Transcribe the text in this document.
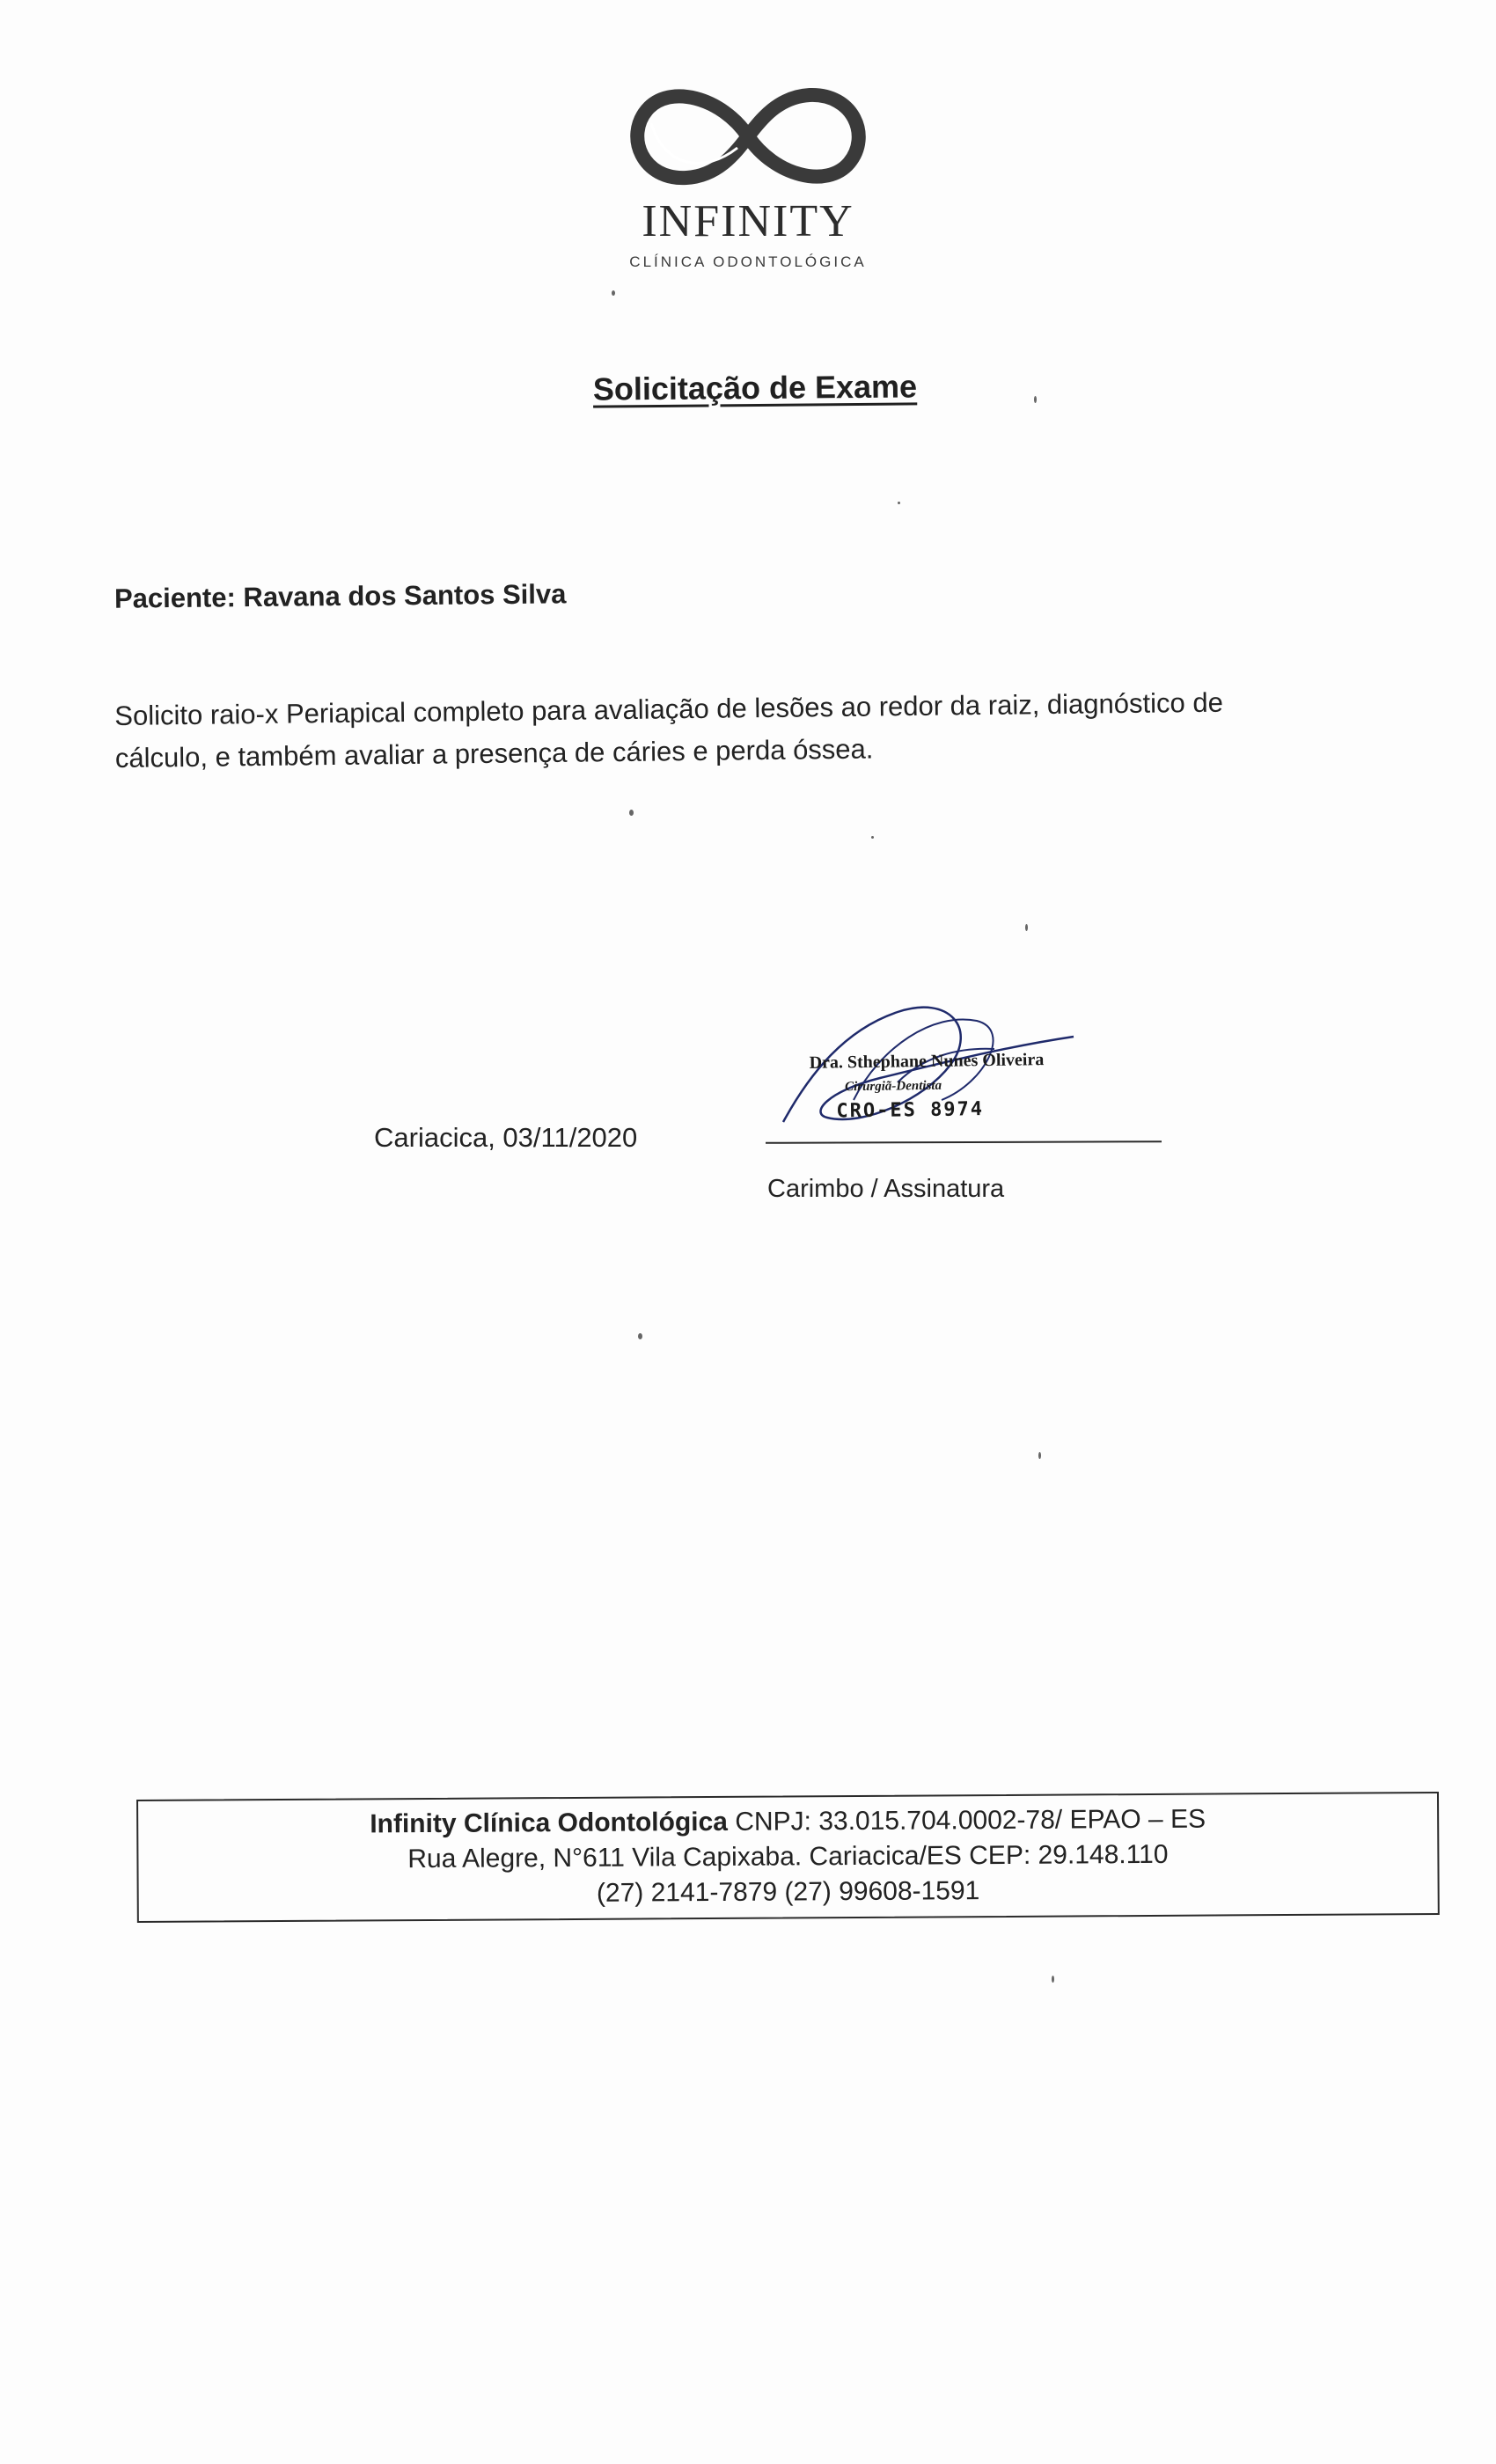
INFINITY
CLÍNICA ODONTOLÓGICA
Solicitação de Exame
Paciente: Ravana dos Santos Silva
Solicito raio-x Periapical completo para avaliação de lesões ao redor da raiz, diagnóstico de
cálculo, e também avaliar a presença de cáries e perda óssea.
Cariacica, 03/11/2020
Dra. Sthephane Nunes Oliveira
Cirurgiã-Dentista
CRO-ES 8974
Carimbo / Assinatura
Infinity Clínica Odontológica CNPJ: 33.015.704.0002-78/ EPAO – ES
Rua Alegre, N°611 Vila Capixaba. Cariacica/ES CEP: 29.148.110
(27) 2141-7879 (27) 99608-1591
